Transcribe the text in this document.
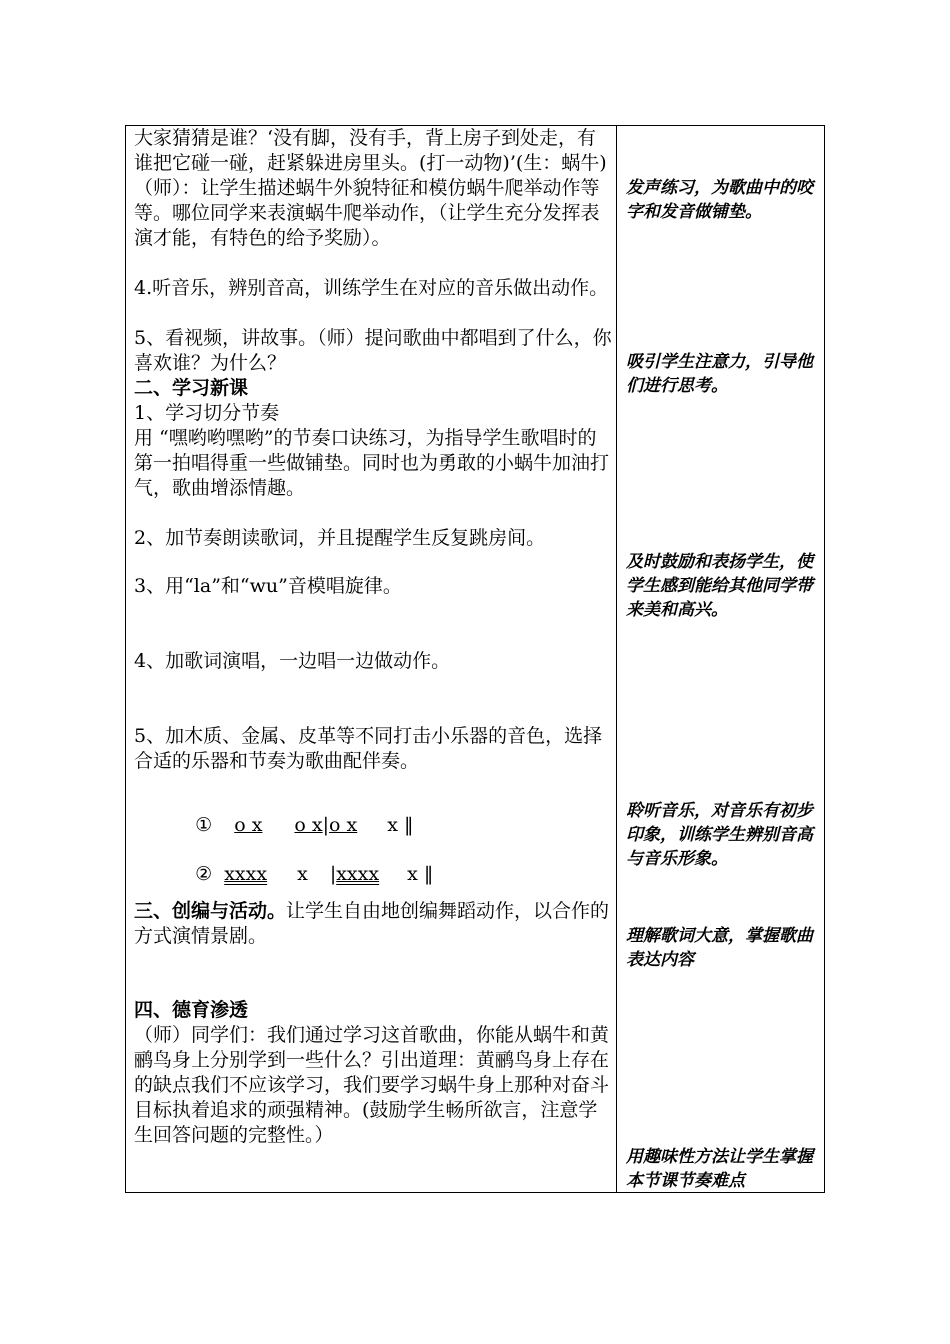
大家猜猜是谁？‘没有脚，没有手，背上房子到处走，有谁把它碰一碰，赶紧躲进房里头。(打一动物)’(生：蜗牛)（师）：让学生描述蜗牛外貌特征和模仿蜗牛爬举动作等等。哪位同学来表演蜗牛爬举动作，（让学生充分发挥表演才能，有特色的给予奖励）。

4.听音乐，辨别音高，训练学生在对应的音乐做出动作。

5、看视频，讲故事。（师）提问歌曲中都唱到了什么，你喜欢谁？为什么？

二、学习新课

1、学习切分节奏

用 “嘿哟哟嘿哟”的节奏口诀练习，为指导学生歌唱时的第一拍唱得重一些做铺垫。同时也为勇敢的小蜗牛加油打气，歌曲增添情趣。

2、加节奏朗读歌词，并且提醒学生反复跳房间。

3、用“la”和“wu”音模唱旋律。

4、加歌词演唱，一边唱一边做动作。

5、加木质、金属、皮革等不同打击小乐器的音色，选择合适的乐器和节奏为歌曲配伴奏。

① o x o x|o x x ‖

② xxxx x |xxxx x ‖

三、创编与活动。让学生自由地创编舞蹈动作，以合作的方式演情景剧。

四、德育渗透

（师）同学们：我们通过学习这首歌曲，你能从蜗牛和黄鹂鸟身上分别学到一些什么？引出道理：黄鹂鸟身上存在的缺点我们不应该学习，我们要学习蜗牛身上那种对奋斗目标执着追求的顽强精神。(鼓励学生畅所欲言，注意学生回答问题的完整性。）

发声练习，为歌曲中的咬字和发音做铺垫。

吸引学生注意力，引导他们进行思考。

及时鼓励和表扬学生，使学生感到能给其他同学带来美和高兴。

聆听音乐，对音乐有初步印象，训练学生辨别音高与音乐形象。

理解歌词大意，掌握歌曲表达内容

用趣味性方法让学生掌握本节课节奏难点
